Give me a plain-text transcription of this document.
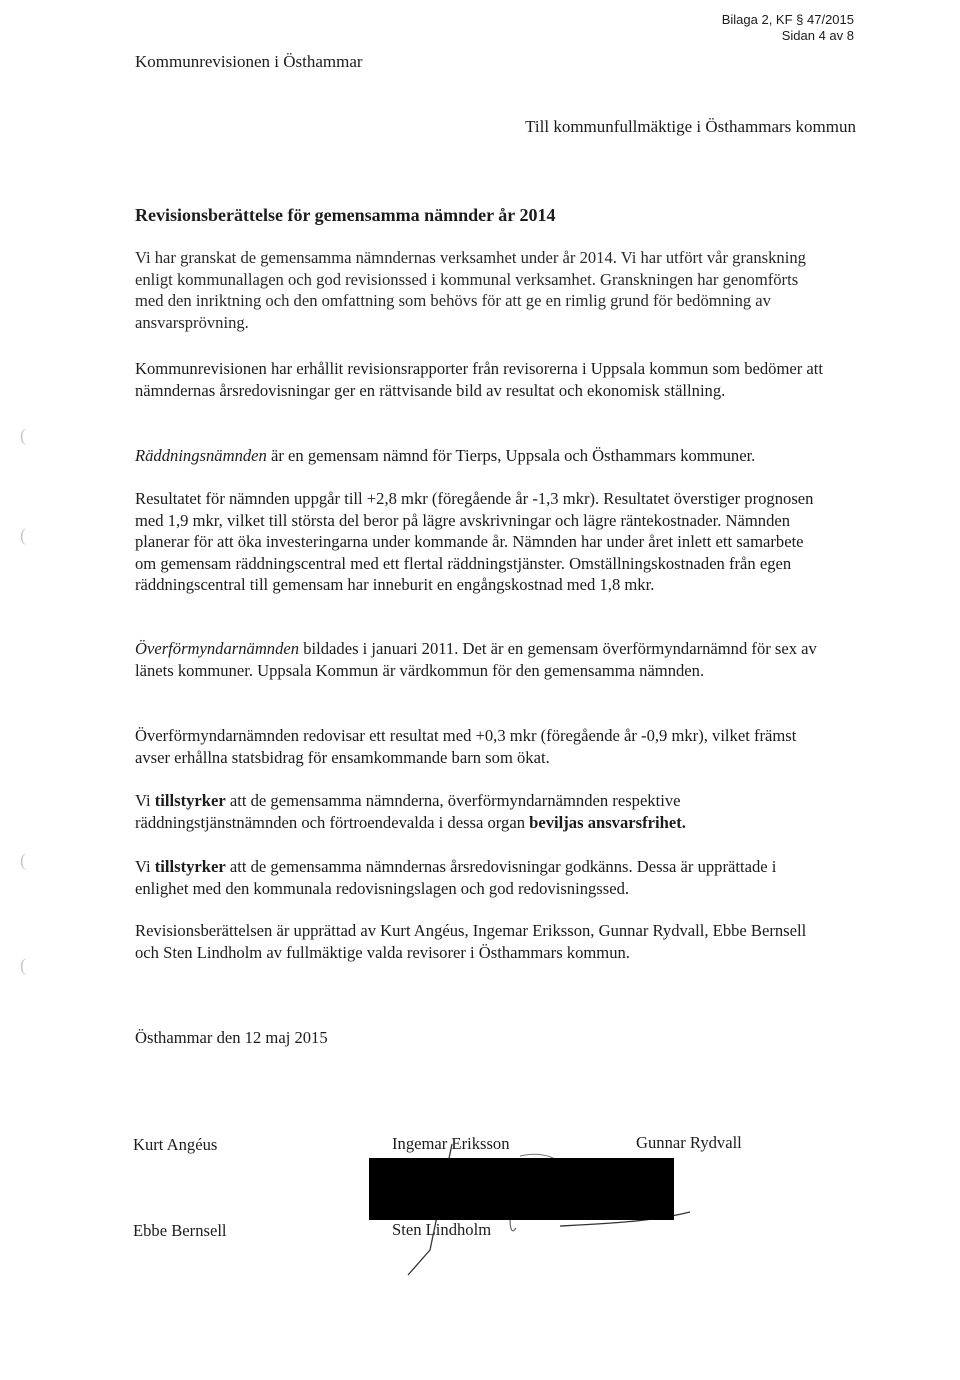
Bilaga 2, KF § 47/2015
Sidan 4 av 8
Kommunrevisionen i Östhammar
Till kommunfullmäktige i Östhammars kommun
Revisionsberättelse för gemensamma nämnder år 2014

Vi har granskat de gemensamma nämndernas verksamhet under år 2014. Vi har utfört vår granskning enligt kommunallagen och god revisionssed i kommunal verksamhet. Granskningen har genomförts med den inriktning och den omfattning som behövs för att ge en rimlig grund för bedömning av ansvarsprövning.

Kommunrevisionen har erhållit revisionsrapporter från revisorerna i Uppsala kommun som bedömer att nämndernas årsredovisningar ger en rättvisande bild av resultat och ekonomisk ställning.

Räddningsnämnden är en gemensam nämnd för Tierps, Uppsala och Östhammars kommuner.

Resultatet för nämnden uppgår till +2,8 mkr (föregående år -1,3 mkr). Resultatet överstiger prognosen med 1,9 mkr, vilket till största del beror på lägre avskrivningar och lägre räntekostnader. Nämnden planerar för att öka investeringarna under kommande år. Nämnden har under året inlett ett samarbete om gemensam räddningscentral med ett flertal räddningstjänster. Omställningskostnaden från egen räddningscentral till gemensam har inneburit en engångskostnad med 1,8 mkr.

Överförmyndarnämnden bildades i januari 2011. Det är en gemensam överförmyndarnämnd för sex av länets kommuner. Uppsala Kommun är värdkommun för den gemensamma nämnden.

Överförmyndarnämnden redovisar ett resultat med +0,3 mkr (föregående år -0,9 mkr), vilket främst avser erhållna statsbidrag för ensamkommande barn som ökat.

Vi tillstyrker att de gemensamma nämnderna, överförmyndarnämnden respektive räddningstjänstnämnden och förtroendevalda i dessa organ beviljas ansvarsfrihet.

Vi tillstyrker att de gemensamma nämndernas årsredovisningar godkänns. Dessa är upprättade i enlighet med den kommunala redovisningslagen och god redovisningssed.

Revisionsberättelsen är upprättad av Kurt Angéus, Ingemar Eriksson, Gunnar Rydvall, Ebbe Bernsell och Sten Lindholm av fullmäktige valda revisorer i Östhammars kommun.

Östhammar den 12 maj 2015
Kurt Angéus	Ingemar Eriksson	Gunnar Rydvall
Ebbe Bernsell	Sten Lindholm
(
(
(
(
